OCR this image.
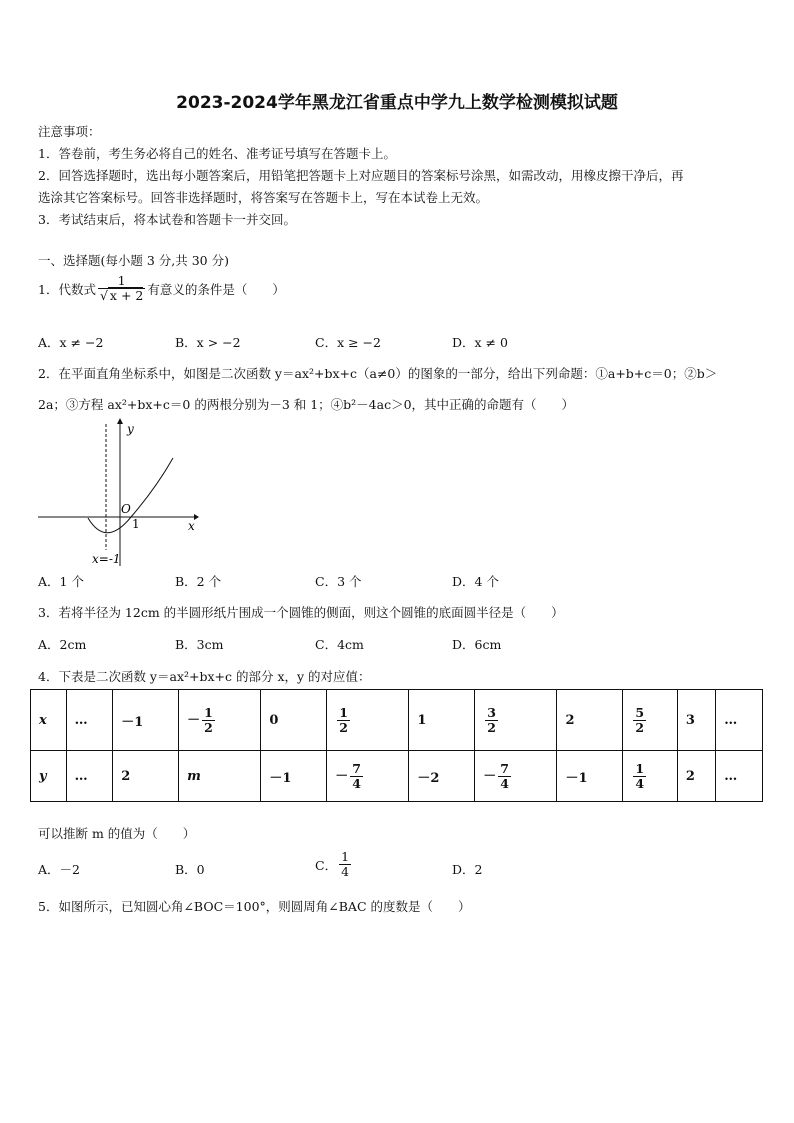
2023-2024学年黑龙江省重点中学九上数学检测模拟试题
注意事项：
1．答卷前，考生务必将自己的姓名、准考证号填写在答题卡上。
2．回答选择题时，选出每小题答案后，用铅笔把答题卡上对应题目的答案标号涂黑，如需改动，用橡皮擦干净后，再
选涂其它答案标号。回答非选择题时，将答案写在答题卡上，写在本试卷上无效。
3．考试结束后，将本试卷和答题卡一并交回。
一、选择题(每小题 3 分,共 30 分)
1．代数式 $\frac{1}{√ x + 2}$ 有意义的条件是（　　）
A．x ≠ −2	B．x > −2	C．x ≥ −2	D．x ≠ 0
2．在平面直角坐标系中，如图是二次函数 y＝ax²+bx+c（a≠0）的图象的一部分，给出下列命题：①a+b+c＝0；②b＞
2a；③方程 ax²+bx+c＝0 的两根分别为－3 和 1；④b²－4ac＞0，其中正确的命题有（　　）
y
x
O
1
x=-1
A．1 个	B．2 个	C．3 个	D．4 个
3．若将半径为 12cm 的半圆形纸片围成一个圆锥的侧面，则这个圆锥的底面圆半径是（　　）
A．2cm	B．3cm	C．4cm	D．6cm
4．下表是二次函数 y＝ax²+bx+c 的部分 x，y 的对应值：
x	…	－1	－ $\frac{1}{2}$	0	$\frac{1}{2}$	1	$\frac{3}{2}$	2	$\frac{5}{2}$	3	…
y	…	2	m	－1	－ $\frac{7}{4}$	－2	－ $\frac{7}{4}$	－1	$\frac{1}{4}$	2	…
可以推断 m 的值为（　　）
A．－2	B．0	C． $\frac{1}{4}$	D．2
5．如图所示，已知圆心角∠BOC＝100°，则圆周角∠BAC 的度数是（　　）
